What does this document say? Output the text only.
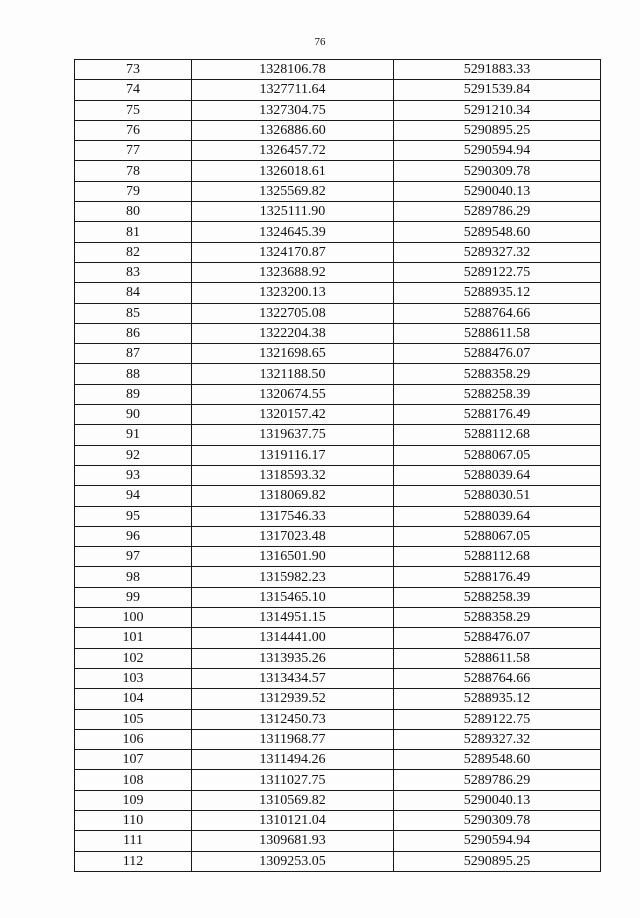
76
73	1328106.78	5291883.33
74	1327711.64	5291539.84
75	1327304.75	5291210.34
76	1326886.60	5290895.25
77	1326457.72	5290594.94
78	1326018.61	5290309.78
79	1325569.82	5290040.13
80	1325111.90	5289786.29
81	1324645.39	5289548.60
82	1324170.87	5289327.32
83	1323688.92	5289122.75
84	1323200.13	5288935.12
85	1322705.08	5288764.66
86	1322204.38	5288611.58
87	1321698.65	5288476.07
88	1321188.50	5288358.29
89	1320674.55	5288258.39
90	1320157.42	5288176.49
91	1319637.75	5288112.68
92	1319116.17	5288067.05
93	1318593.32	5288039.64
94	1318069.82	5288030.51
95	1317546.33	5288039.64
96	1317023.48	5288067.05
97	1316501.90	5288112.68
98	1315982.23	5288176.49
99	1315465.10	5288258.39
100	1314951.15	5288358.29
101	1314441.00	5288476.07
102	1313935.26	5288611.58
103	1313434.57	5288764.66
104	1312939.52	5288935.12
105	1312450.73	5289122.75
106	1311968.77	5289327.32
107	1311494.26	5289548.60
108	1311027.75	5289786.29
109	1310569.82	5290040.13
110	1310121.04	5290309.78
111	1309681.93	5290594.94
112	1309253.05	5290895.25
